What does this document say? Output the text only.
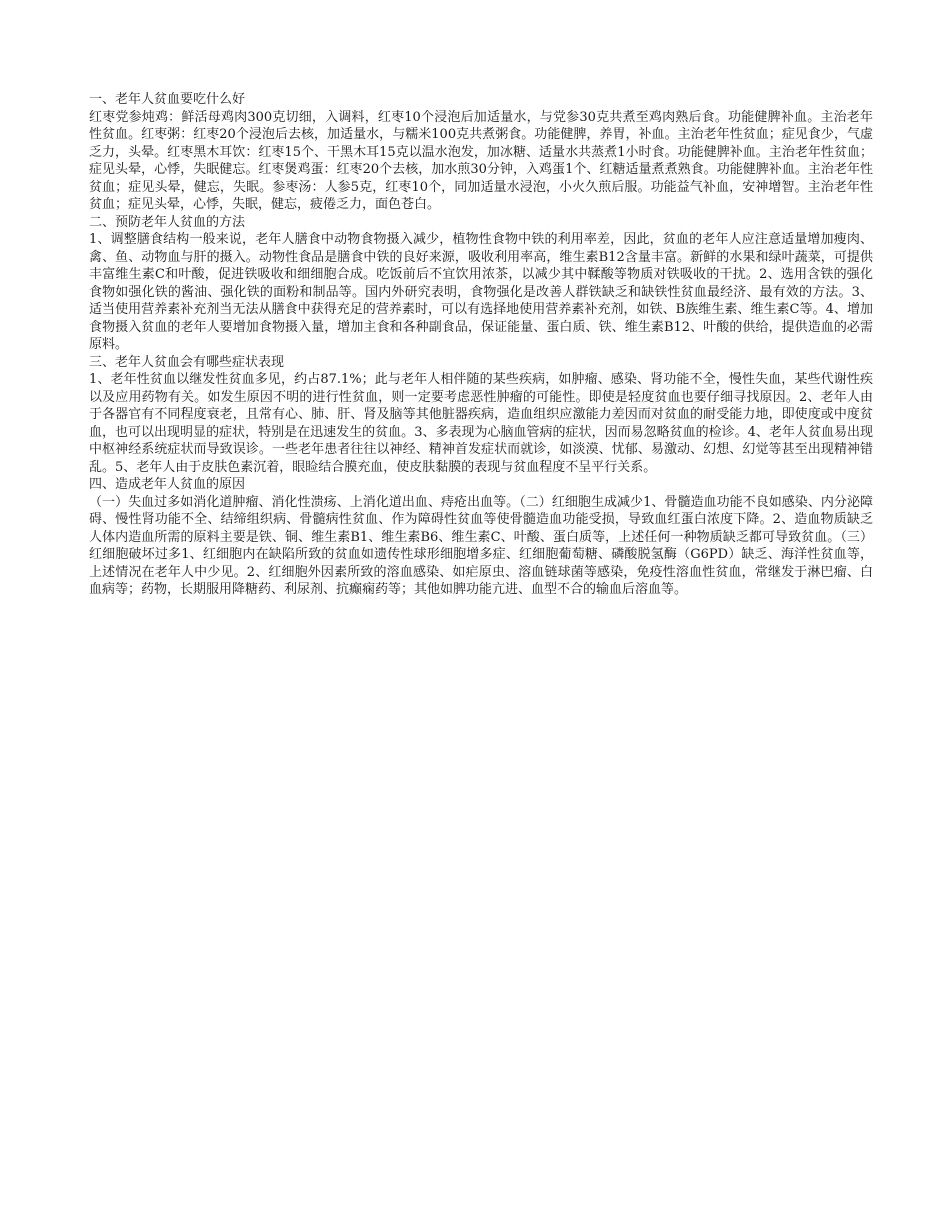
一、老年人贫血要吃什么好

红枣党参炖鸡：鲜活母鸡肉300克切细，入调料，红枣10个浸泡后加适量水，与党参30克共煮至鸡肉熟后食。功能健脾补血。主治老年性贫血。红枣粥：红枣20个浸泡后去核，加适量水，与糯米100克共煮粥食。功能健脾，养胃，补血。主治老年性贫血；症见食少，气虚乏力，头晕。红枣黑木耳饮：红枣15个、干黑木耳15克以温水泡发，加冰糖、适量水共蒸煮1小时食。功能健脾补血。主治老年性贫血；症见头晕，心悸，失眠健忘。红枣煲鸡蛋：红枣20个去核，加水煎30分钟，入鸡蛋1个、红糖适量煮煮熟食。功能健脾补血。主治老年性贫血；症见头晕，健忘，失眠。参枣汤：人参5克，红枣10个，同加适量水浸泡，小火久煎后服。功能益气补血，安神增智。主治老年性贫血；症见头晕，心悸，失眠，健忘，疲倦乏力，面色苍白。

二、预防老年人贫血的方法

1、调整膳食结构一般来说，老年人膳食中动物食物摄入减少，植物性食物中铁的利用率差，因此，贫血的老年人应注意适量增加瘦肉、禽、鱼、动物血与肝的摄入。动物性食品是膳食中铁的良好来源，吸收利用率高，维生素B12含量丰富。新鲜的水果和绿叶蔬菜，可提供丰富维生素C和叶酸，促进铁吸收和细细胞合成。吃饭前后不宜饮用浓茶，以减少其中鞣酸等物质对铁吸收的干扰。2、选用含铁的强化食物如强化铁的酱油、强化铁的面粉和制品等。国内外研究表明，食物强化是改善人群铁缺乏和缺铁性贫血最经济、最有效的方法。3、适当使用营养素补充剂当无法从膳食中获得充足的营养素时，可以有选择地使用营养素补充剂，如铁、B族维生素、维生素C等。4、增加食物摄入贫血的老年人要增加食物摄入量，增加主食和各种副食品，保证能量、蛋白质、铁、维生素B12、叶酸的供给，提供造血的必需原料。

三、老年人贫血会有哪些症状表现

1、老年性贫血以继发性贫血多见，约占87.1%；此与老年人相伴随的某些疾病，如肿瘤、感染、肾功能不全，慢性失血，某些代谢性疾以及应用药物有关。如发生原因不明的进行性贫血，则一定要考虑恶性肿瘤的可能性。即使是轻度贫血也要仔细寻找原因。2、老年人由于各器官有不同程度衰老，且常有心、肺、肝、肾及脑等其他脏器疾病，造血组织应激能力差因而对贫血的耐受能力地，即使度或中度贫血，也可以出现明显的症状，特别是在迅速发生的贫血。3、多表现为心脑血管病的症状，因而易忽略贫血的检诊。4、老年人贫血易出现中枢神经系统症状而导致误诊。一些老年患者往往以神经、精神首发症状而就诊，如淡漠、忧郁、易激动、幻想、幻觉等甚至出现精神错乱。5、老年人由于皮肤色素沉着，眼睑结合膜充血，使皮肤黏膜的表现与贫血程度不呈平行关系。

四、造成老年人贫血的原因

（一）失血过多如消化道肿瘤、消化性溃疡、上消化道出血、痔疮出血等。（二）红细胞生成减少1、骨髓造血功能不良如感染、内分泌障碍、慢性肾功能不全、结缔组织病、骨髓病性贫血、作为障碍性贫血等使骨髓造血功能受损，导致血红蛋白浓度下降。2、造血物质缺乏人体内造血所需的原料主要是铁、铜、维生素B1、维生素B6、维生素C、叶酸、蛋白质等，上述任何一种物质缺乏都可导致贫血。（三）红细胞破坏过多1、红细胞内在缺陷所致的贫血如遗传性球形细胞增多症、红细胞葡萄糖、磷酸脱氢酶（G6PD）缺乏、海洋性贫血等，上述情况在老年人中少见。2、红细胞外因素所致的溶血感染、如疟原虫、溶血链球菌等感染，免疫性溶血性贫血，常继发于淋巴瘤、白血病等；药物，长期服用降糖药、利尿剂、抗癫痫药等；其他如脾功能亢进、血型不合的输血后溶血等。
